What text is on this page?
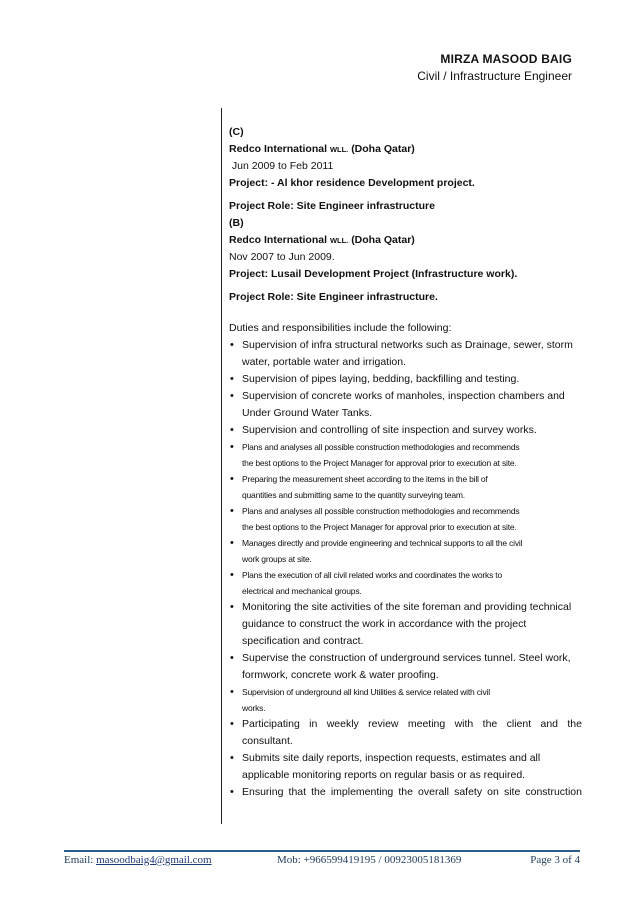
MIRZA MASOOD BAIG
Civil / Infrastructure Engineer
(C)
Redco International WLL. (Doha Qatar)
Jun 2009 to Feb 2011
Project: - Al khor residence Development project.
Project Role: Site Engineer infrastructure
(B)
Redco International WLL. (Doha Qatar)
Nov 2007 to Jun 2009.
Project: Lusail Development Project (Infrastructure work).
Project Role: Site Engineer infrastructure.
Duties and responsibilities include the following:
• Supervision of infra structural networks such as Drainage, sewer, storm
water, portable water and irrigation.
• Supervision of pipes laying, bedding, backfilling and testing.
• Supervision of concrete works of manholes, inspection chambers and
Under Ground Water Tanks.
• Supervision and controlling of site inspection and survey works.
• Plans and analyses all possible construction methodologies and recommends
the best options to the Project Manager for approval prior to execution at site.
• Preparing the measurement sheet according to the items in the bill of
quantities and submitting same to the quantity surveying team.
• Plans and analyses all possible construction methodologies and recommends
the best options to the Project Manager for approval prior to execution at site.
• Manages directly and provide engineering and technical supports to all the civil
work groups at site.
• Plans the execution of all civil related works and coordinates the works to
electrical and mechanical groups.
• Monitoring the site activities of the site foreman and providing technical
guidance to construct the work in accordance with the project
specification and contract.
• Supervise the construction of underground services tunnel. Steel work,
formwork, concrete work & water proofing.
• Supervision of underground all kind Utilities & service related with civil
works.
• Participating in weekly review meeting with the client and the
consultant.
• Submits site daily reports, inspection requests, estimates and all
applicable monitoring reports on regular basis or as required.
• Ensuring that the implementing the overall safety on site construction
Email: masoodbaig4@gmail.com	Mob: +966599419195 / 00923005181369	Page 3 of 4
